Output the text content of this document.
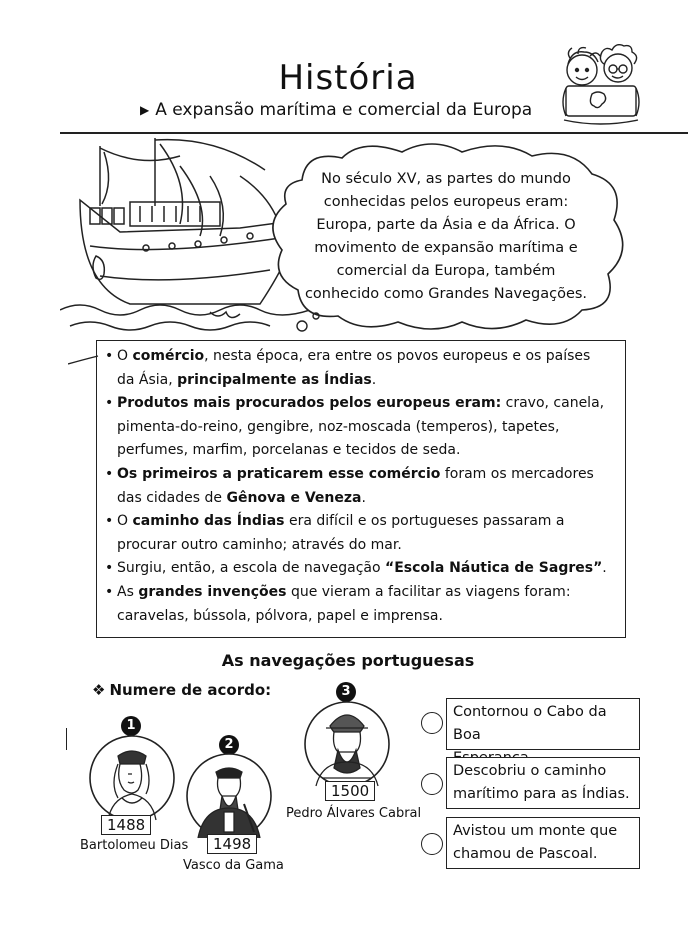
História
▶ A expansão marítima e comercial da Europa
No século XV, as partes do mundo
conhecidas pelos europeus eram:
Europa, parte da Ásia e da África. O
movimento de expansão marítima e
comercial da Europa, também
conhecido como Grandes Navegações.

• O comércio, nesta época, era entre os povos europeus e os países
da Ásia, principalmente as Índias.

• Produtos mais procurados pelos europeus eram: cravo, canela,
pimenta-do-reino, gengibre, noz-moscada (temperos), tapetes,
perfumes, marfim, porcelanas e tecidos de seda.

• Os primeiros a praticarem esse comércio foram os mercadores
das cidades de Gênova e Veneza.

• O caminho das Índias era difícil e os portugueses passaram a
procurar outro caminho; através do mar.

• Surgiu, então, a escola de navegação “Escola Náutica de Sagres”.

• As grandes invenções que vieram a facilitar as viagens foram:
caravelas, bússola, pólvora, papel e imprensa.

As navegações portuguesas
❖ Numere de acordo:
1
1488
Bartolomeu Dias
2
1498
Vasco da Gama
3
1500
Pedro Álvares Cabral
Contornou o Cabo da Boa
Descobriu o caminho
marítimo para as Índias.
Avistou um monte que
chamou de Pascoal.
